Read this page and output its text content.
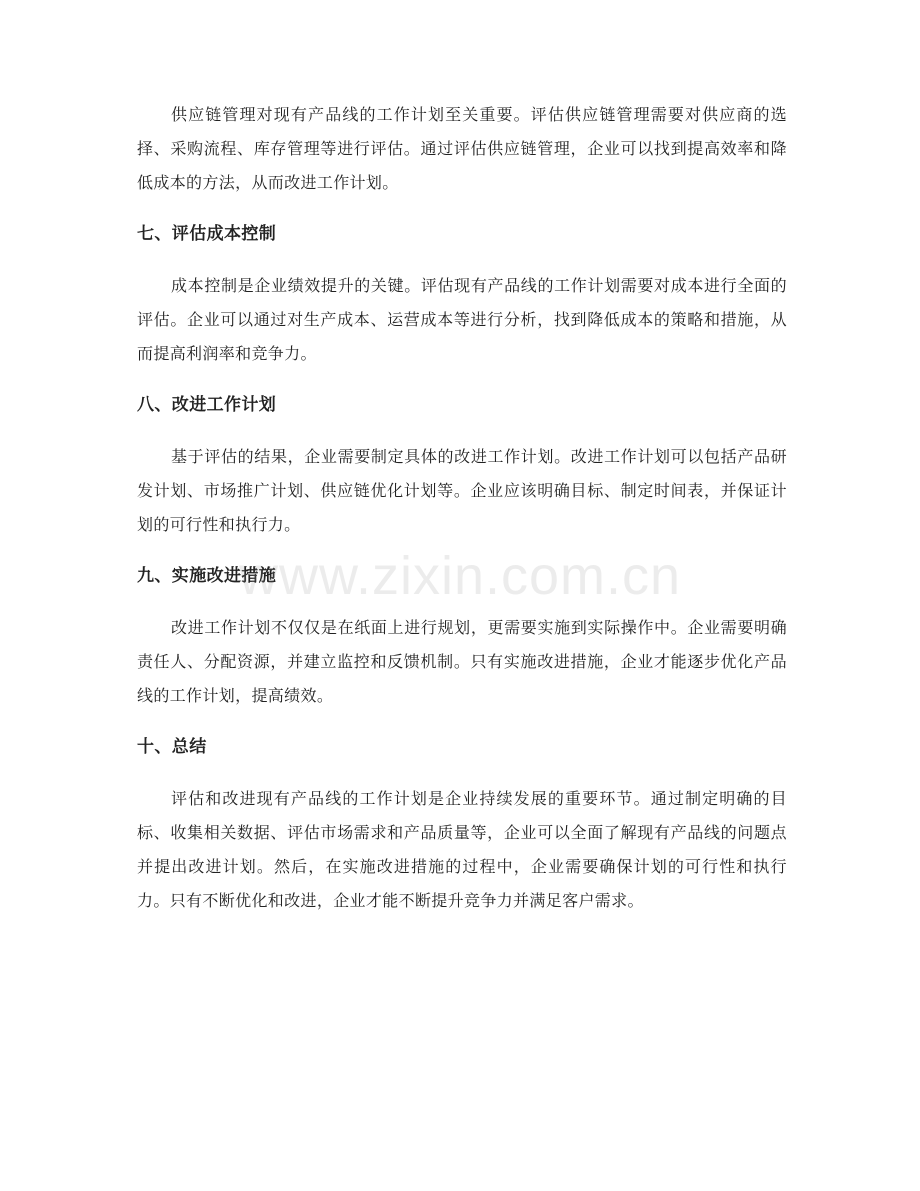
供应链管理对现有产品线的工作计划至关重要。评估供应链管理需要对供应商的选择、采购流程、库存管理等进行评估。通过评估供应链管理，企业可以找到提高效率和降低成本的方法，从而改进工作计划。

七、评估成本控制

成本控制是企业绩效提升的关键。评估现有产品线的工作计划需要对成本进行全面的评估。企业可以通过对生产成本、运营成本等进行分析，找到降低成本的策略和措施，从而提高利润率和竞争力。

八、改进工作计划

基于评估的结果，企业需要制定具体的改进工作计划。改进工作计划可以包括产品研发计划、市场推广计划、供应链优化计划等。企业应该明确目标、制定时间表，并保证计划的可行性和执行力。

九、实施改进措施

改进工作计划不仅仅是在纸面上进行规划，更需要实施到实际操作中。企业需要明确责任人、分配资源，并建立监控和反馈机制。只有实施改进措施，企业才能逐步优化产品线的工作计划，提高绩效。

十、总结

评估和改进现有产品线的工作计划是企业持续发展的重要环节。通过制定明确的目标、收集相关数据、评估市场需求和产品质量等，企业可以全面了解现有产品线的问题点并提出改进计划。然后，在实施改进措施的过程中，企业需要确保计划的可行性和执行力。只有不断优化和改进，企业才能不断提升竞争力并满足客户需求。

www.zixin.com.cn
